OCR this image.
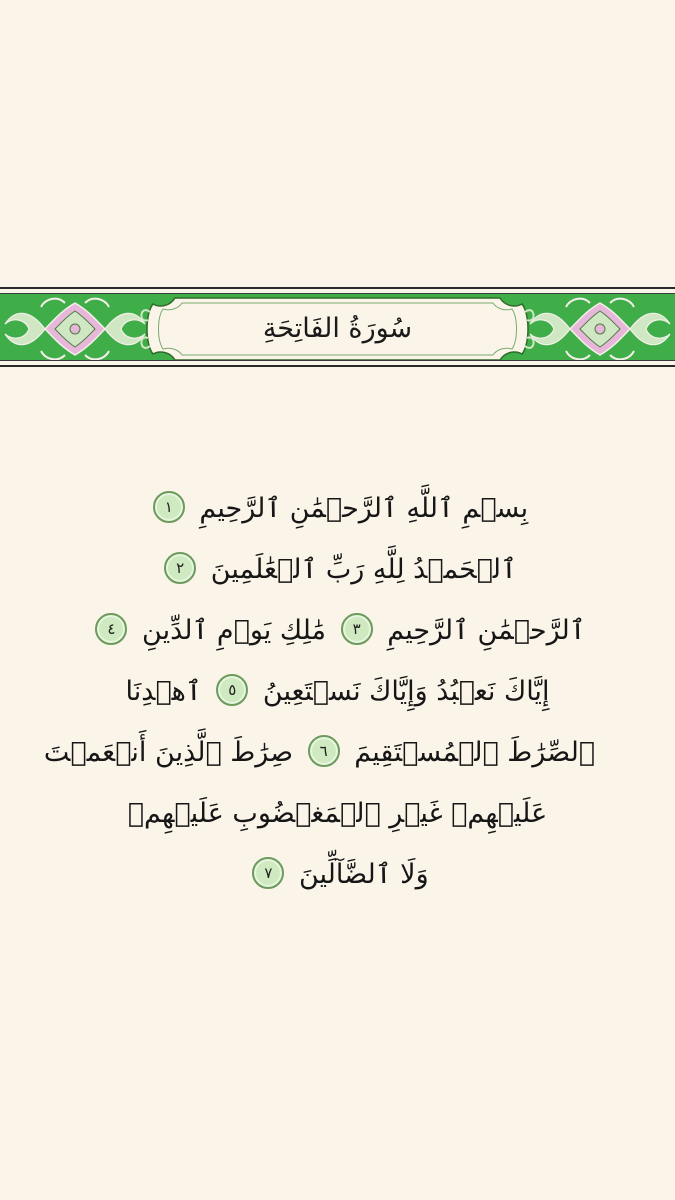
سُورَةُ الفَاتِحَةِ
بِسۡمِ ٱللَّهِ ٱلرَّحۡمَٰنِ ٱلرَّحِيمِ ١
ٱلۡحَمۡدُ لِلَّهِ رَبِّ ٱلۡعَٰلَمِينَ ٢
ٱلرَّحۡمَٰنِ ٱلرَّحِيمِ ٣ مَٰلِكِ يَوۡمِ ٱلدِّينِ ٤
إِيَّاكَ نَعۡبُدُ وَإِيَّاكَ نَسۡتَعِينُ ٥ ٱهۡدِنَا
ٱلصِّرَٰطَ ٱلۡمُسۡتَقِيمَ ٦ صِرَٰطَ ٱلَّذِينَ أَنۡعَمۡتَ
عَلَيۡهِمۡ غَيۡرِ ٱلۡمَغۡضُوبِ عَلَيۡهِمۡ
وَلَا ٱلضَّآلِّينَ ٧
